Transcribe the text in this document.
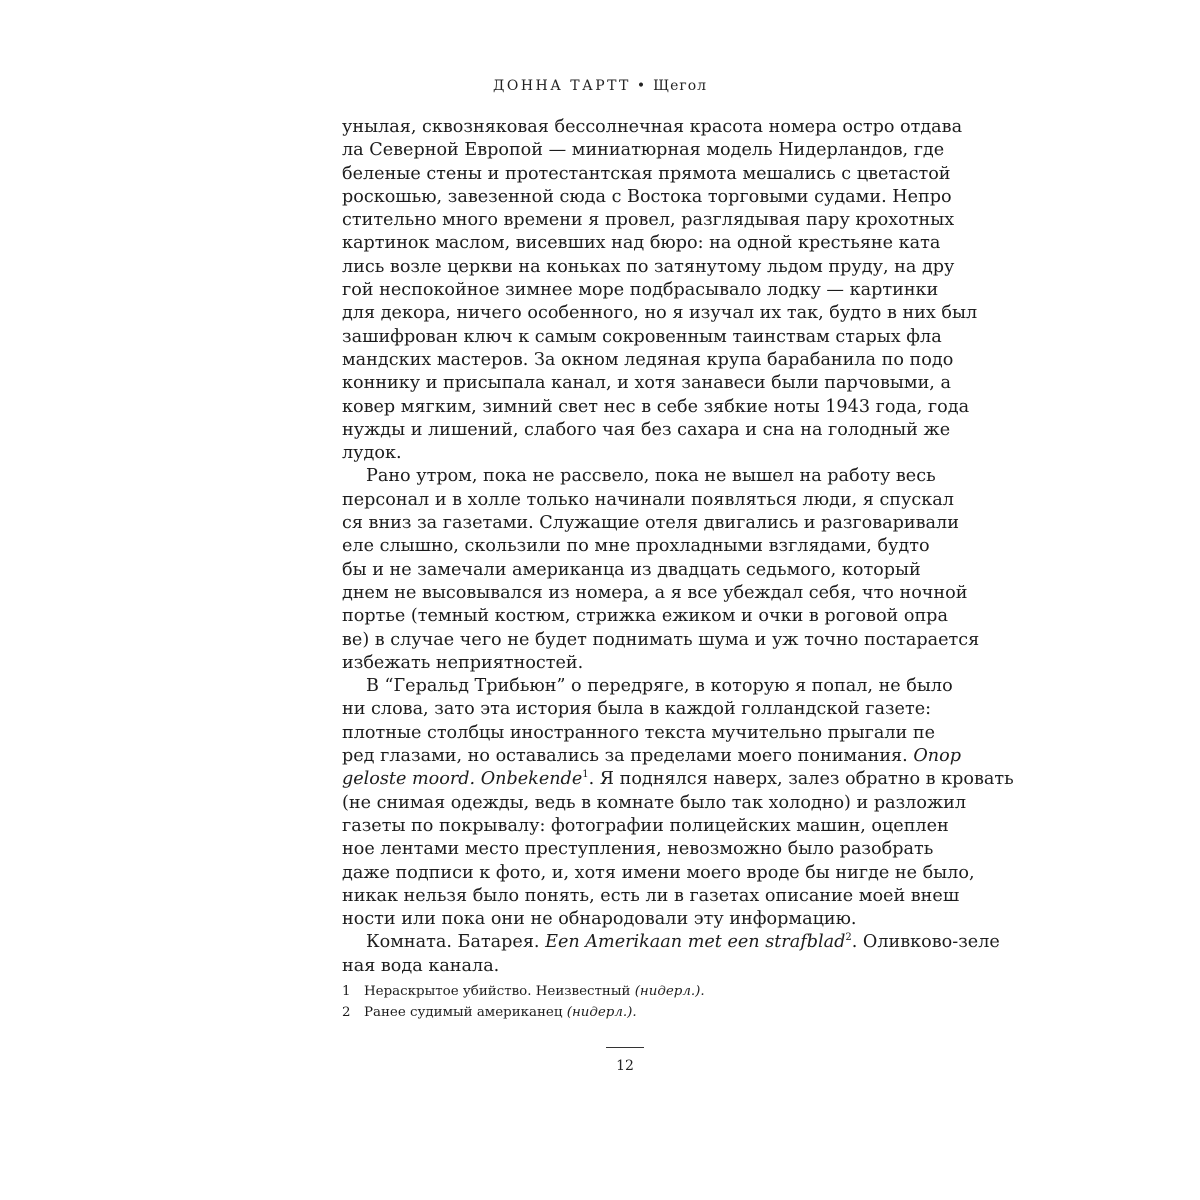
ДОННА ТАРТТ • Щегол
унылая, сквозняковая бессолнечная красота номера остро отдава
ла Северной Европой — миниатюрная модель Нидерландов, где
беленые стены и протестантская прямота мешались с цветастой
роскошью, завезенной сюда с Востока торговыми судами. Непро
стительно много времени я провел, разглядывая пару крохотных
картинок маслом, висевших над бюро: на одной крестьяне ката
лись возле церкви на коньках по затянутому льдом пруду, на дру
гой неспокойное зимнее море подбрасывало лодку — картинки
для декора, ничего особенного, но я изучал их так, будто в них был
зашифрован ключ к самым сокровенным таинствам старых фла
мандских мастеров. За окном ледяная крупа барабанила по подо
коннику и присыпала канал, и хотя занавеси были парчовыми, а
ковер мягким, зимний свет нес в себе зябкие ноты 1943 года, года
нужды и лишений, слабого чая без сахара и сна на голодный же
лудок.
Рано утром, пока не рассвело, пока не вышел на работу весь
персонал и в холле только начинали появляться люди, я спускал
ся вниз за газетами. Служащие отеля двигались и разговаривали
еле слышно, скользили по мне прохладными взглядами, будто
бы и не замечали американца из двадцать седьмого, который
днем не высовывался из номера, а я все убеждал себя, что ночной
портье (темный костюм, стрижка ежиком и очки в роговой опра
ве) в случае чего не будет поднимать шума и уж точно постарается
избежать неприятностей.
В “Геральд Трибьюн” о передряге, в которую я попал, не было
ни слова, зато эта история была в каждой голландской газете:
плотные столбцы иностранного текста мучительно прыгали пе
ред глазами, но оставались за пределами моего понимания. Onop
geloste moord. Onbekende$^1$. Я поднялся наверх, залез обратно в кровать
(не снимая одежды, ведь в комнате было так холодно) и разложил
газеты по покрывалу: фотографии полицейских машин, оцеплен
ное лентами место преступления, невозможно было разобрать
даже подписи к фото, и, хотя имени моего вроде бы нигде не было,
никак нельзя было понять, есть ли в газетах описание моей внеш
ности или пока они не обнародовали эту информацию.
Комната. Батарея. Een Amerikaan met een strafblad$^2$. Оливково-зеле
ная вода канала.
1 Нераскрытое убийство. Неизвестный (нидерл.).
2 Ранее судимый американец (нидерл.).
12
